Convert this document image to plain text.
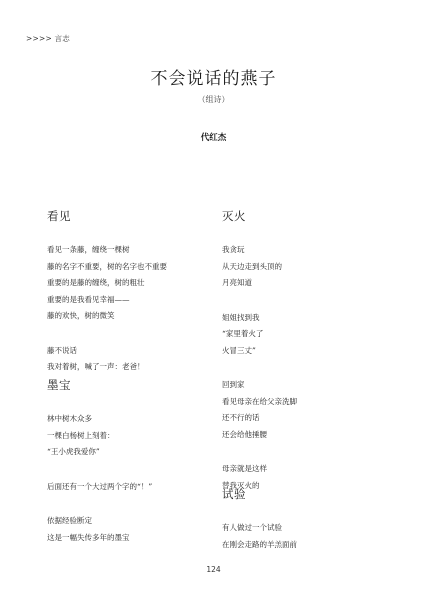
>>>> 言志
不会说话的燕子
（组诗）
代红杰
看见
看见一条藤，缠绕一棵树
藤的名字不重要，树的名字也不重要
重要的是藤的缠绕，树的粗壮
重要的是我看见幸福——
藤的欢快，树的微笑
藤不说话
我对着树，喊了一声：老爸！
墨宝
林中树木众多
一棵白杨树上刻着：
“王小虎我爱你”
后面还有一个大过两个字的“！”
依据经验断定
这是一幅失传多年的墨宝
灭火
我贪玩
从天边走到头顶的
月亮知道
姐姐找到我
“家里着火了
火冒三丈”
回到家
看见母亲在给父亲洗脚
还不行的话
还会给他捶腰
母亲就是这样
替我灭火的
试验
有人做过一个试验
在刚会走路的羊羔面前
124
